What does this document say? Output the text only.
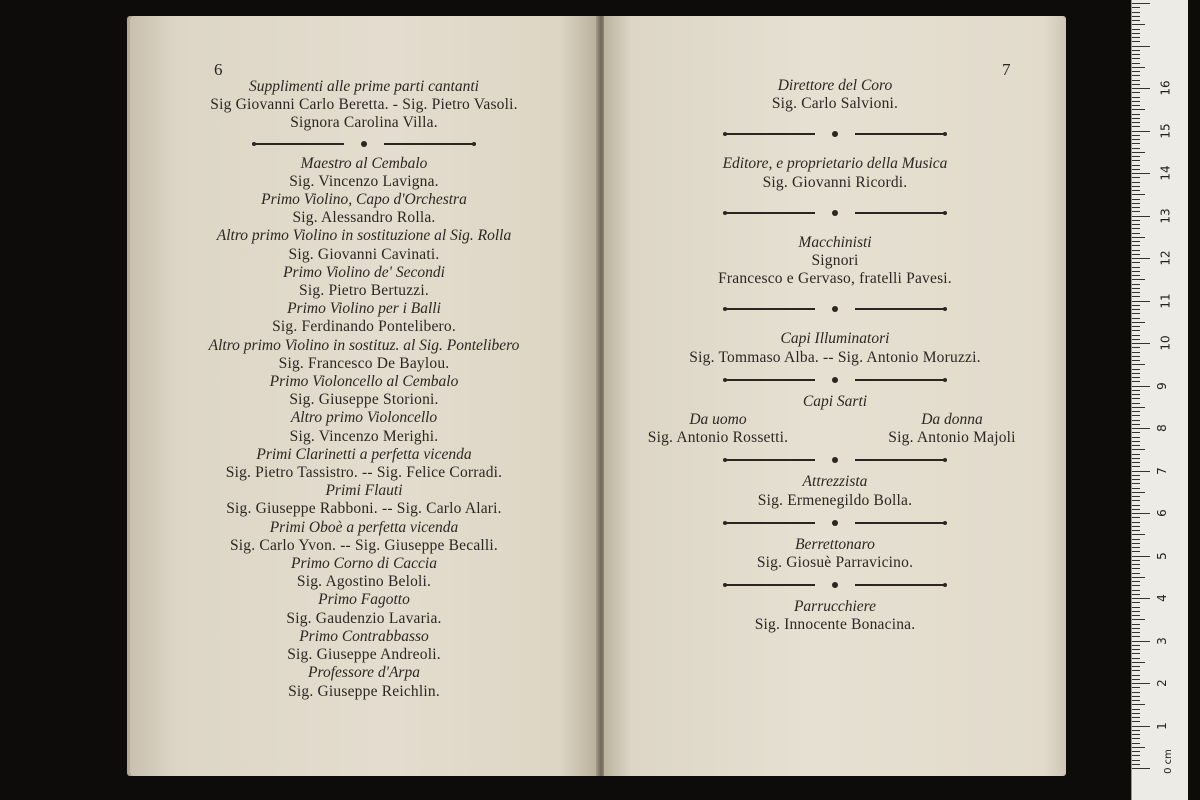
6
Supplimenti alle prime parti cantanti
Sig Giovanni Carlo Beretta. - Sig. Pietro Vasoli.
Signora Carolina Villa.
Maestro al Cembalo
Sig. Vincenzo Lavigna.
Primo Violino, Capo d'Orchestra
Sig. Alessandro Rolla.
Altro primo Violino in sostituzione al Sig. Rolla
Sig. Giovanni Cavinati.
Primo Violino de' Secondi
Sig. Pietro Bertuzzi.
Primo Violino per i Balli
Sig. Ferdinando Pontelibero.
Altro primo Violino in sostituz. al Sig. Pontelibero
Sig. Francesco De Baylou.
Primo Violoncello al Cembalo
Sig. Giuseppe Storioni.
Altro primo Violoncello
Sig. Vincenzo Merighi.
Primi Clarinetti a perfetta vicenda
Sig. Pietro Tassistro. -- Sig. Felice Corradi.
Primi Flauti
Sig. Giuseppe Rabboni. -- Sig. Carlo Alari.
Primi Oboè a perfetta vicenda
Sig. Carlo Yvon. -- Sig. Giuseppe Becalli.
Primo Corno di Caccia
Sig. Agostino Beloli.
Primo Fagotto
Sig. Gaudenzio Lavaria.
Primo Contrabbasso
Sig. Giuseppe Andreoli.
Professore d'Arpa
Sig. Giuseppe Reichlin.
7
Direttore del Coro
Sig. Carlo Salvioni.
Editore, e proprietario della Musica
Sig. Giovanni Ricordi.
Macchinisti
Signori
Francesco e Gervaso, fratelli Pavesi.
Capi Illuminatori
Sig. Tommaso Alba. -- Sig. Antonio Moruzzi.
Capi Sarti
Da uomo
Sig. Antonio Rossetti.
Da donna
Sig. Antonio Majoli
Attrezzista
Sig. Ermenegildo Bolla.
Berrettonaro
Sig. Giosuè Parravicino.
Parrucchiere
Sig. Innocente Bonacina.
0 cm
1
2
3
4
5
6
7
8
9
10
11
12
13
14
15
16
